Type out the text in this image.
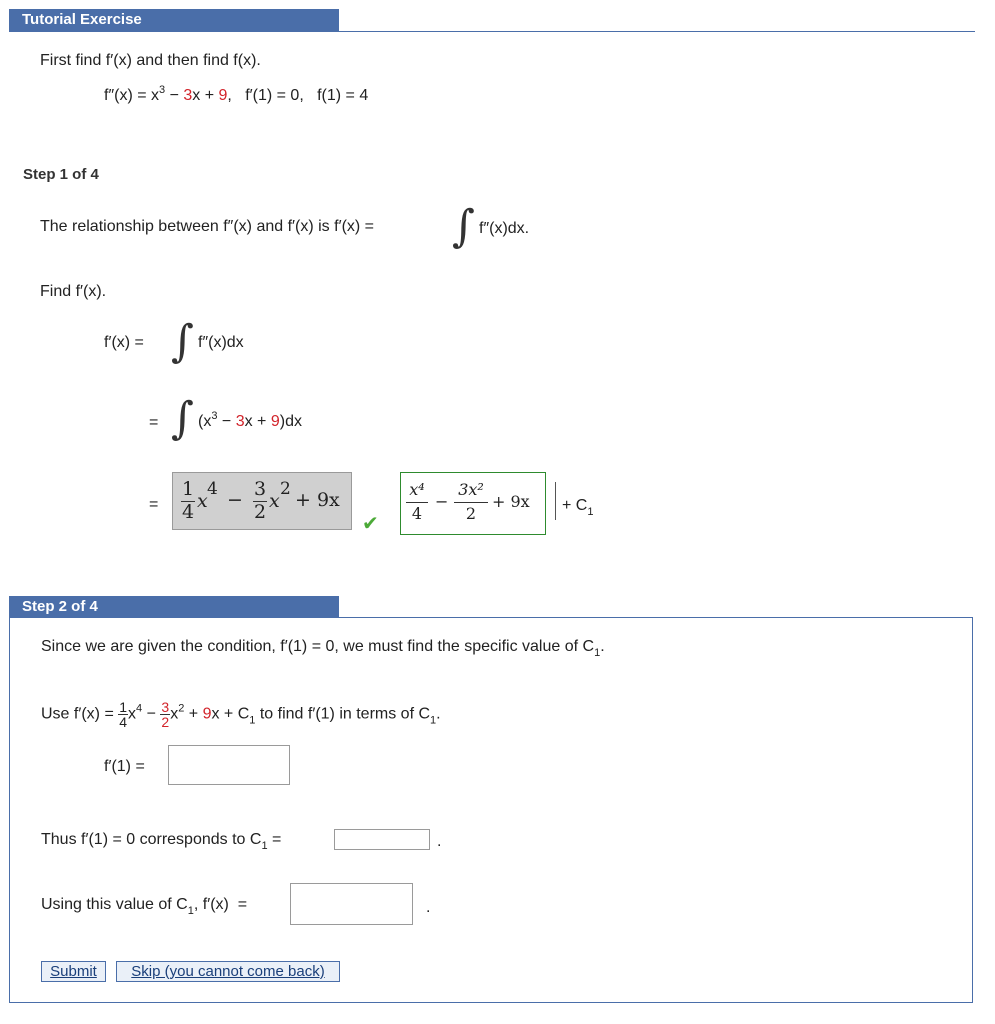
Tutorial Exercise
First find f′(x) and then find f(x).
$f''(x) = x^3 - 3x + 9$,   f′(1) = 0,   f(1) = 4
Step 1 of 4
The relationship between f″(x) and f′(x) is f′(x) = ∫ f″(x)dx.
Find f′(x).
f′(x) = ∫ f″(x)dx
= ∫ $(x^3 - 3x + 9)dx$
=
1
4 x
4 − 3
2 x
2 + 9x
✔
x⁴
4
−
3x²
2
+ $9x + C_1$
Step 2 of 4
Since we are given the condition, f′(1) = 0, we must find the specific value of $C_1$.
Use $f'(x) = \frac{1}{4} x^4 - \frac{3}{2} x^2 + 9x + C_1$ to find f′(1) in terms of $C_1$.
f′(1) =
Thus f′(1) = 0 corresponds to $C_1$ =	.
Using this value of $C_1$, f′(x)  =	.
Submit	Skip (you cannot come back)
